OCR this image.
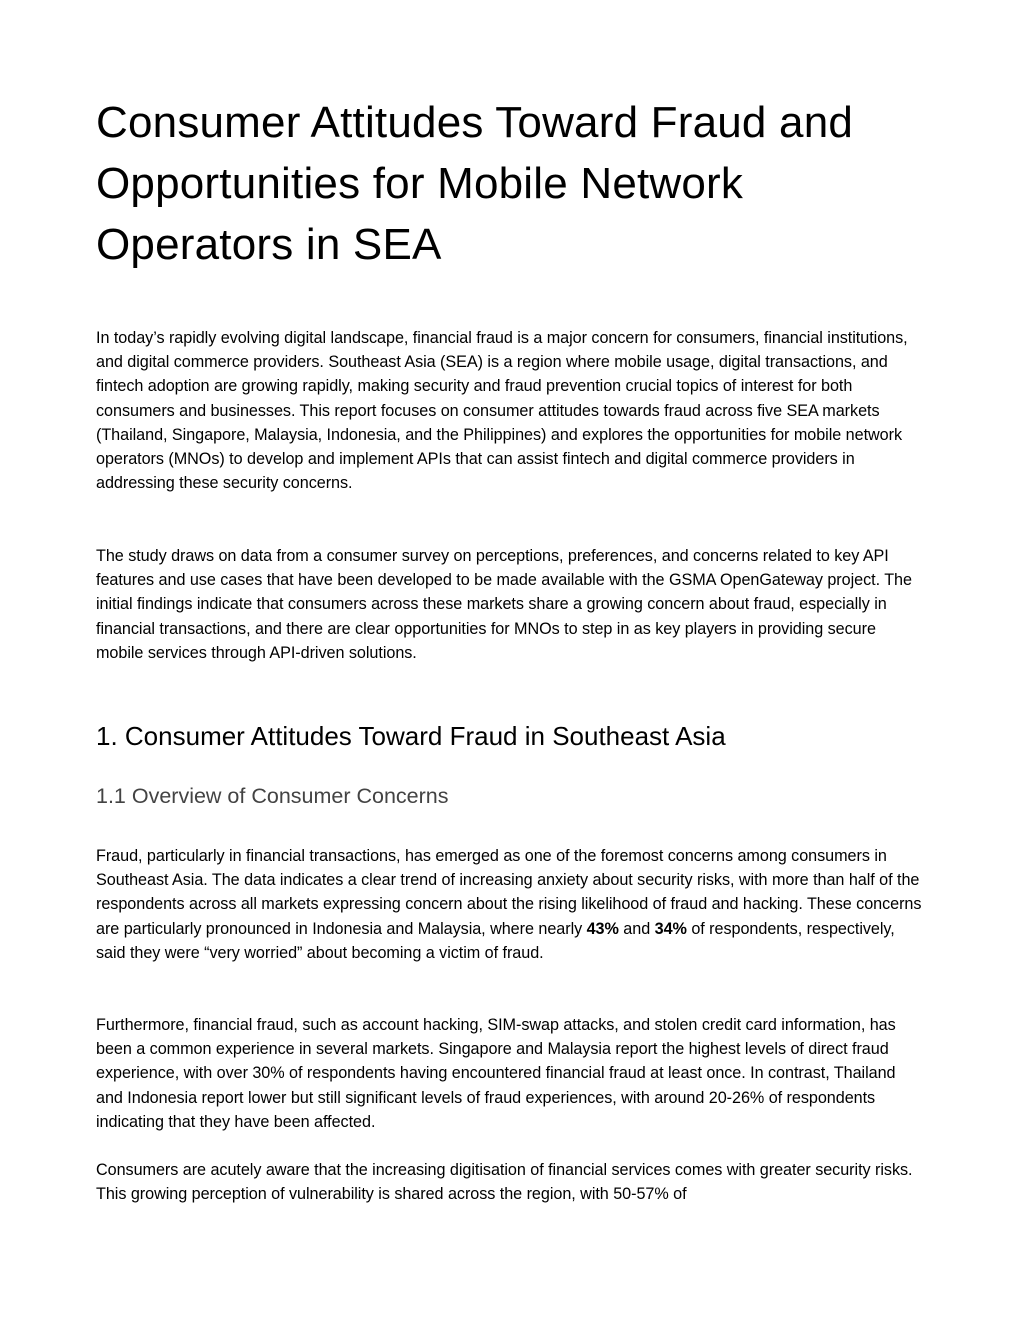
Consumer Attitudes Toward Fraud and Opportunities for Mobile Network Operators in SEA

In today’s rapidly evolving digital landscape, financial fraud is a major concern for consumers, financial institutions, and digital commerce providers. Southeast Asia (SEA) is a region where mobile usage, digital transactions, and fintech adoption are growing rapidly, making security and fraud prevention crucial topics of interest for both consumers and businesses. This report focuses on consumer attitudes towards fraud across five SEA markets (Thailand, Singapore, Malaysia, Indonesia, and the Philippines) and explores the opportunities for mobile network operators (MNOs) to develop and implement APIs that can assist fintech and digital commerce providers in addressing these security concerns.

The study draws on data from a consumer survey on perceptions, preferences, and concerns related to key API features and use cases that have been developed to be made available with the GSMA OpenGateway project. The initial findings indicate that consumers across these markets share a growing concern about fraud, especially in financial transactions, and there are clear opportunities for MNOs to step in as key players in providing secure mobile services through API-driven solutions.

1. Consumer Attitudes Toward Fraud in Southeast Asia
1.1 Overview of Consumer Concerns

Fraud, particularly in financial transactions, has emerged as one of the foremost concerns among consumers in Southeast Asia. The data indicates a clear trend of increasing anxiety about security risks, with more than half of the respondents across all markets expressing concern about the rising likelihood of fraud and hacking. These concerns are particularly pronounced in Indonesia and Malaysia, where nearly 43% and 34% of respondents, respectively, said they were “very worried” about becoming a victim of fraud.

Furthermore, financial fraud, such as account hacking, SIM-swap attacks, and stolen credit card information, has been a common experience in several markets. Singapore and Malaysia report the highest levels of direct fraud experience, with over 30% of respondents having encountered financial fraud at least once. In contrast, Thailand and Indonesia report lower but still significant levels of fraud experiences, with around 20-26% of respondents indicating that they have been affected.

Consumers are acutely aware that the increasing digitisation of financial services comes with greater security risks. This growing perception of vulnerability is shared across the region, with 50-57% of
